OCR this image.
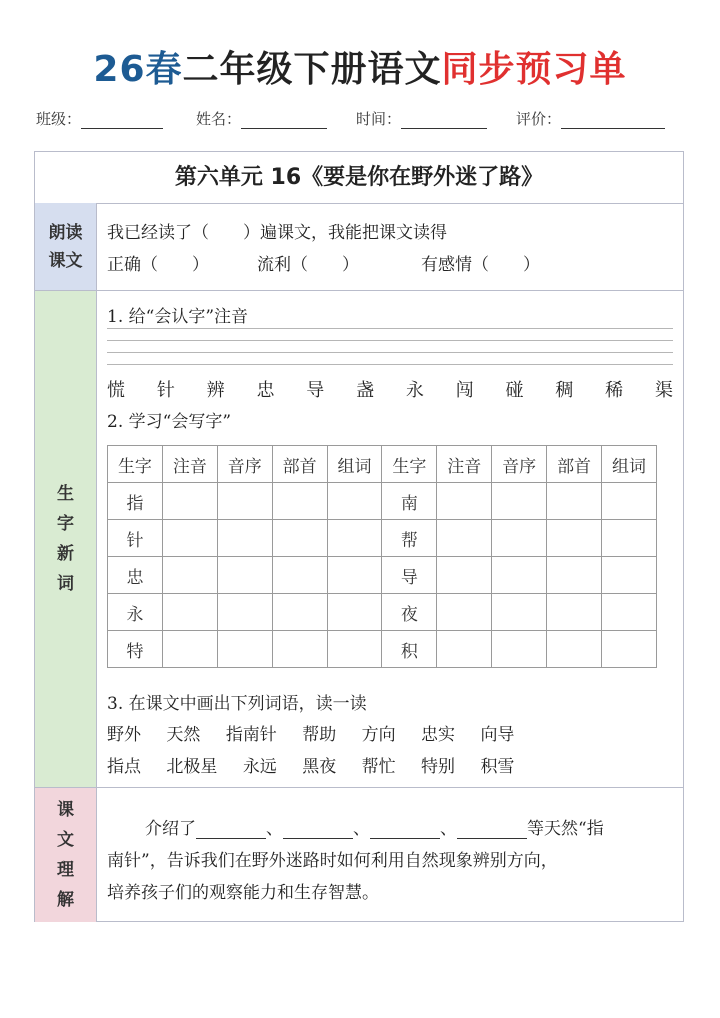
26春二年级下册语文同步预习单
班级：	姓名：	时间：	评价：
第六单元 16《要是你在野外迷了路》
朗读
课文
我已经读了（　　）遍课文，我能把课文读得
正确（　　）	流利（　　）	有感情（　　）
生
字
新
词
1. 给“会认字”注音
慌 针 辨 忠 导 盏 永 闯 碰 稠 稀 渠
2. 学习“会写字”
生字	注音	音序	部首	组词	生字	注音	音序	部首	组词
指					南				
针					帮				
忠					导				
永					夜				
特					积				
3. 在课文中画出下列词语，读一读
野外 天然 指南针 帮助 方向 忠实 向导
指点 北极星 永远 黑夜 帮忙 特别 积雪
课
文
理
解
介绍了	、	、	、	等天然“指
南针”，告诉我们在野外迷路时如何利用自然现象辨别方向，
培养孩子们的观察能力和生存智慧。
